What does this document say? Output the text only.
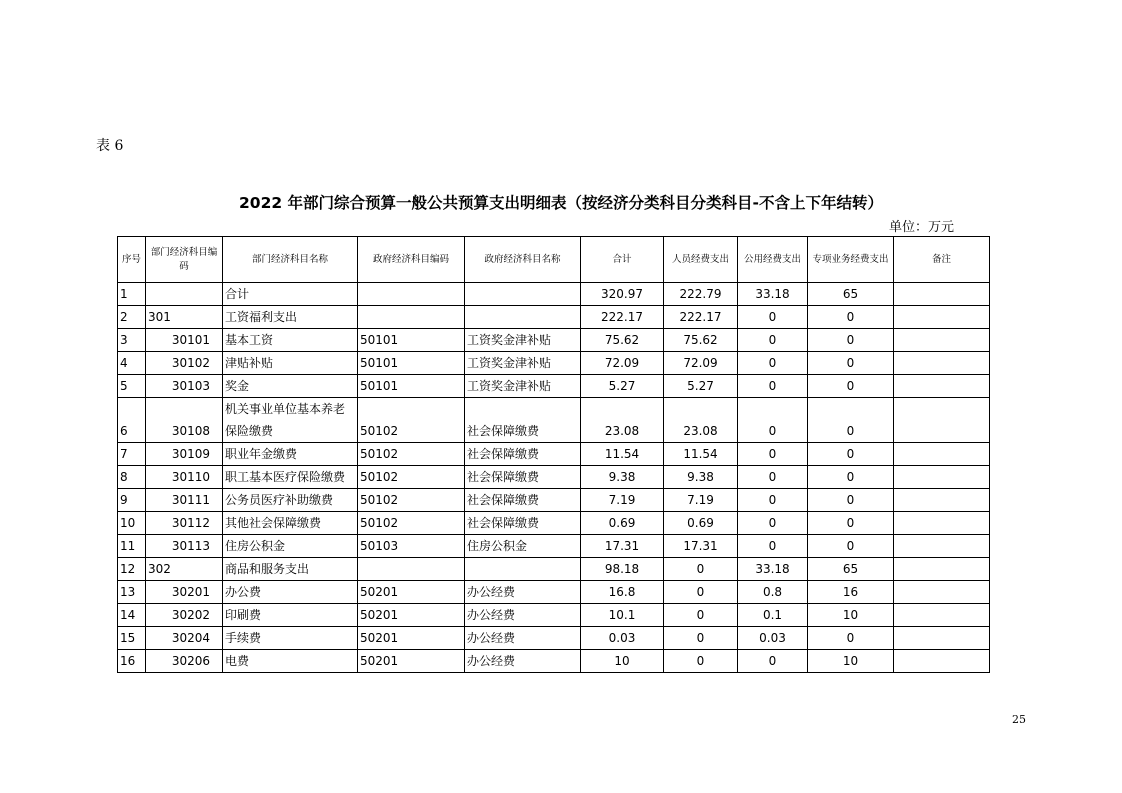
表 6
2022 年部门综合预算一般公共预算支出明细表（按经济分类科目分类科目-不含上下年结转）
单位：万元
序号	部门经济科目编码	部门经济科目名称	政府经济科目编码	政府经济科目名称	合计	人员经费支出	公用经费支出	专项业务经费支出	备注
1		合计			320.97	222.79	33.18	65	
2	301	工资福利支出			222.17	222.17	0	0	
3	30101	基本工资	50101	工资奖金津补贴	75.62	75.62	0	0	
4	30102	津贴补贴	50101	工资奖金津补贴	72.09	72.09	0	0	
5	30103	奖金	50101	工资奖金津补贴	5.27	5.27	0	0	
6	30108	机关事业单位基本养老保险缴费	50102	社会保障缴费	23.08	23.08	0	0	
7	30109	职业年金缴费	50102	社会保障缴费	11.54	11.54	0	0	
8	30110	职工基本医疗保险缴费	50102	社会保障缴费	9.38	9.38	0	0	
9	30111	公务员医疗补助缴费	50102	社会保障缴费	7.19	7.19	0	0	
10	30112	其他社会保障缴费	50102	社会保障缴费	0.69	0.69	0	0	
11	30113	住房公积金	50103	住房公积金	17.31	17.31	0	0	
12	302	商品和服务支出			98.18	0	33.18	65	
13	30201	办公费	50201	办公经费	16.8	0	0.8	16	
14	30202	印刷费	50201	办公经费	10.1	0	0.1	10	
15	30204	手续费	50201	办公经费	0.03	0	0.03	0	
16	30206	电费	50201	办公经费	10	0	0	10	
25
